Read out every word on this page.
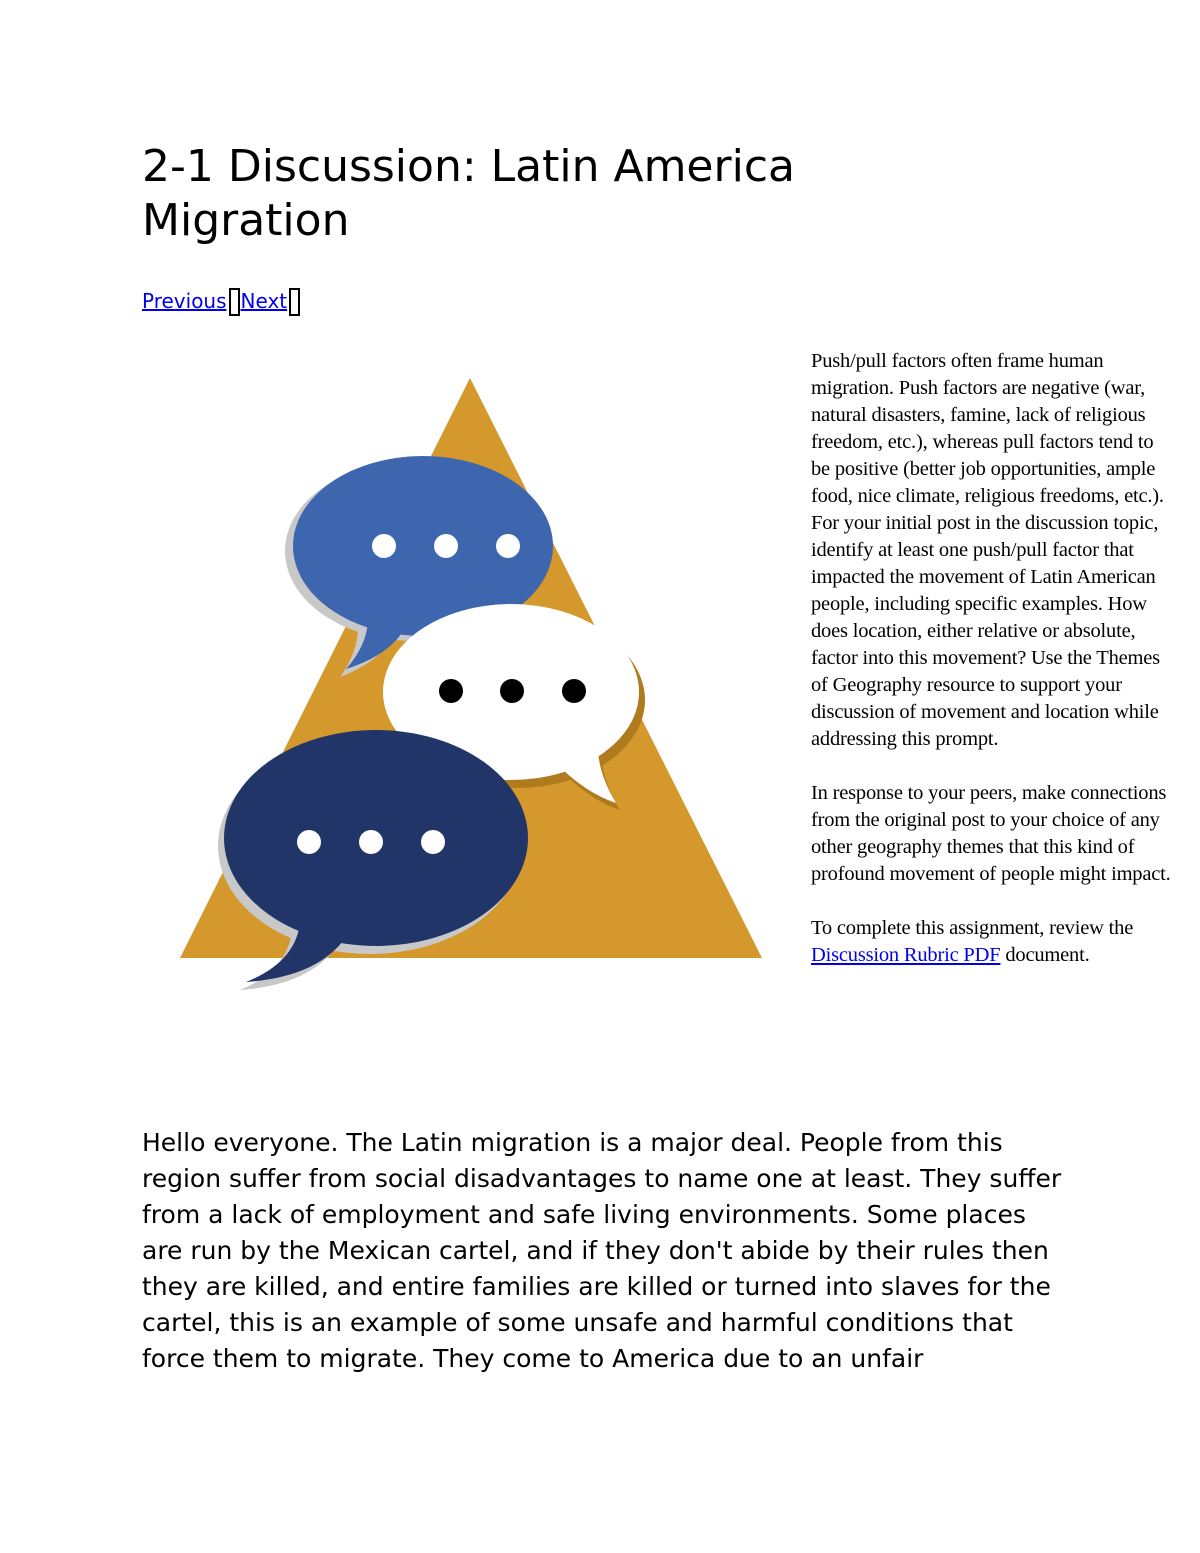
2-1 Discussion: Latin America Migration
Previous Next

Push/pull factors often frame human migration. Push factors are negative (war, natural disasters, famine, lack of religious freedom, etc.), whereas pull factors tend to be positive (better job opportunities, ample food, nice climate, religious freedoms, etc.). For your initial post in the discussion topic, identify at least one push/pull factor that impacted the movement of Latin American people, including specific examples. How does location, either relative or absolute, factor into this movement? Use the Themes of Geography resource to support your discussion of movement and location while addressing this prompt.

In response to your peers, make connections from the original post to your choice of any other geography themes that this kind of profound movement of people might impact.

To complete this assignment, review the Discussion Rubric PDF document.

Hello everyone. The Latin migration is a major deal. People from this region suffer from social disadvantages to name one at least. They suffer from a lack of employment and safe living environments. Some places are run by the Mexican cartel, and if they don't abide by their rules then they are killed, and entire families are killed or turned into slaves for the cartel, this is an example of some unsafe and harmful conditions that force them to migrate. They come to America due to an unfair
